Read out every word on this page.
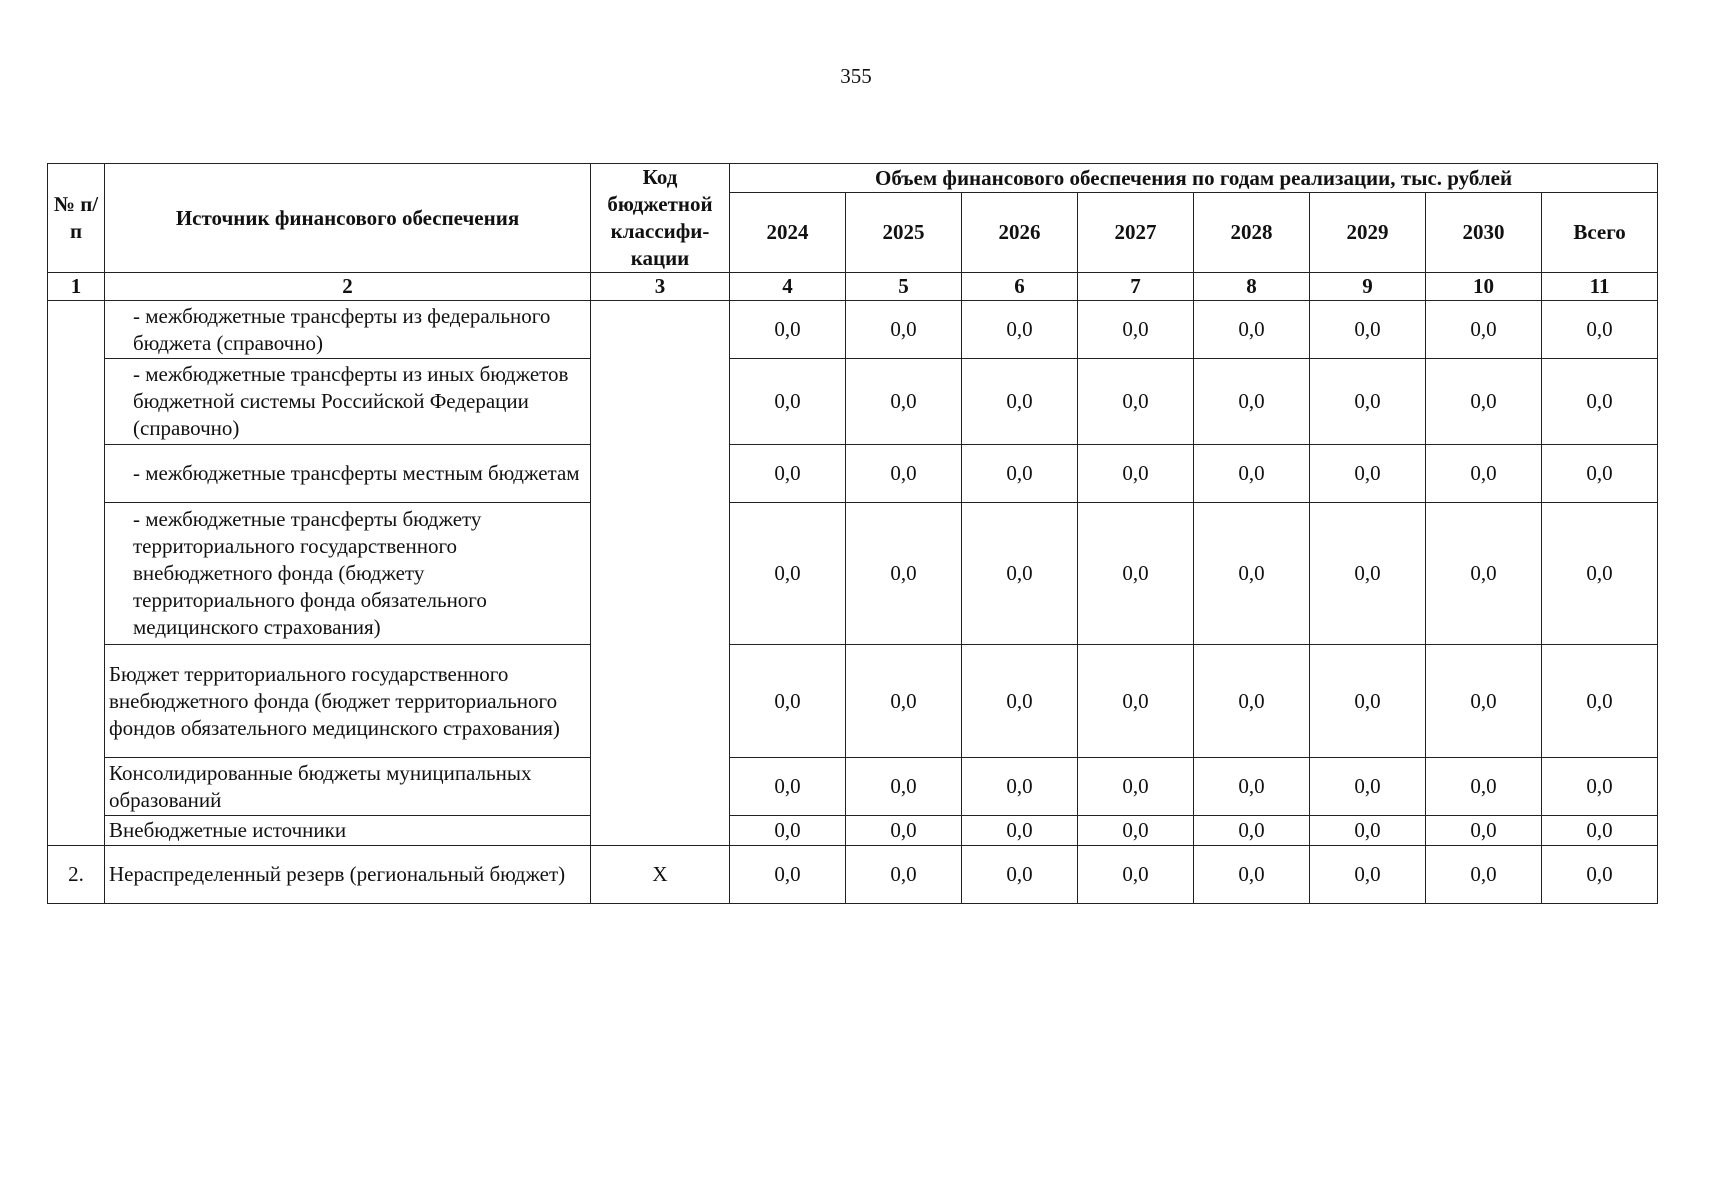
355
№ п/п	Источник финансового обеспечения	Код бюджетной классифи-кации	Объем финансового обеспечения по годам реализации, тыс. рублей							
			2024	2025	2026	2027	2028	2029	2030	Всего
1	2	3	4	5	6	7	8	9	10	11
	- межбюджетные трансферты из федерального бюджета (справочно)		0,0	0,0	0,0	0,0	0,0	0,0	0,0	0,0
	- межбюджетные трансферты из иных бюджетов бюджетной системы Российской Федерации (справочно)		0,0	0,0	0,0	0,0	0,0	0,0	0,0	0,0
	- межбюджетные трансферты местным бюджетам		0,0	0,0	0,0	0,0	0,0	0,0	0,0	0,0
	- межбюджетные трансферты бюджету территориального государственного внебюджетного фонда (бюджету территориального фонда обязательного медицинского страхования)		0,0	0,0	0,0	0,0	0,0	0,0	0,0	0,0
	Бюджет территориального государственного внебюджетного фонда (бюджет территориального фондов обязательного медицинского страхования)		0,0	0,0	0,0	0,0	0,0	0,0	0,0	0,0
	Консолидированные бюджеты муниципальных образований		0,0	0,0	0,0	0,0	0,0	0,0	0,0	0,0
	Внебюджетные источники		0,0	0,0	0,0	0,0	0,0	0,0	0,0	0,0
2.	Нераспределенный резерв (региональный бюджет)	Х	0,0	0,0	0,0	0,0	0,0	0,0	0,0	0,0
